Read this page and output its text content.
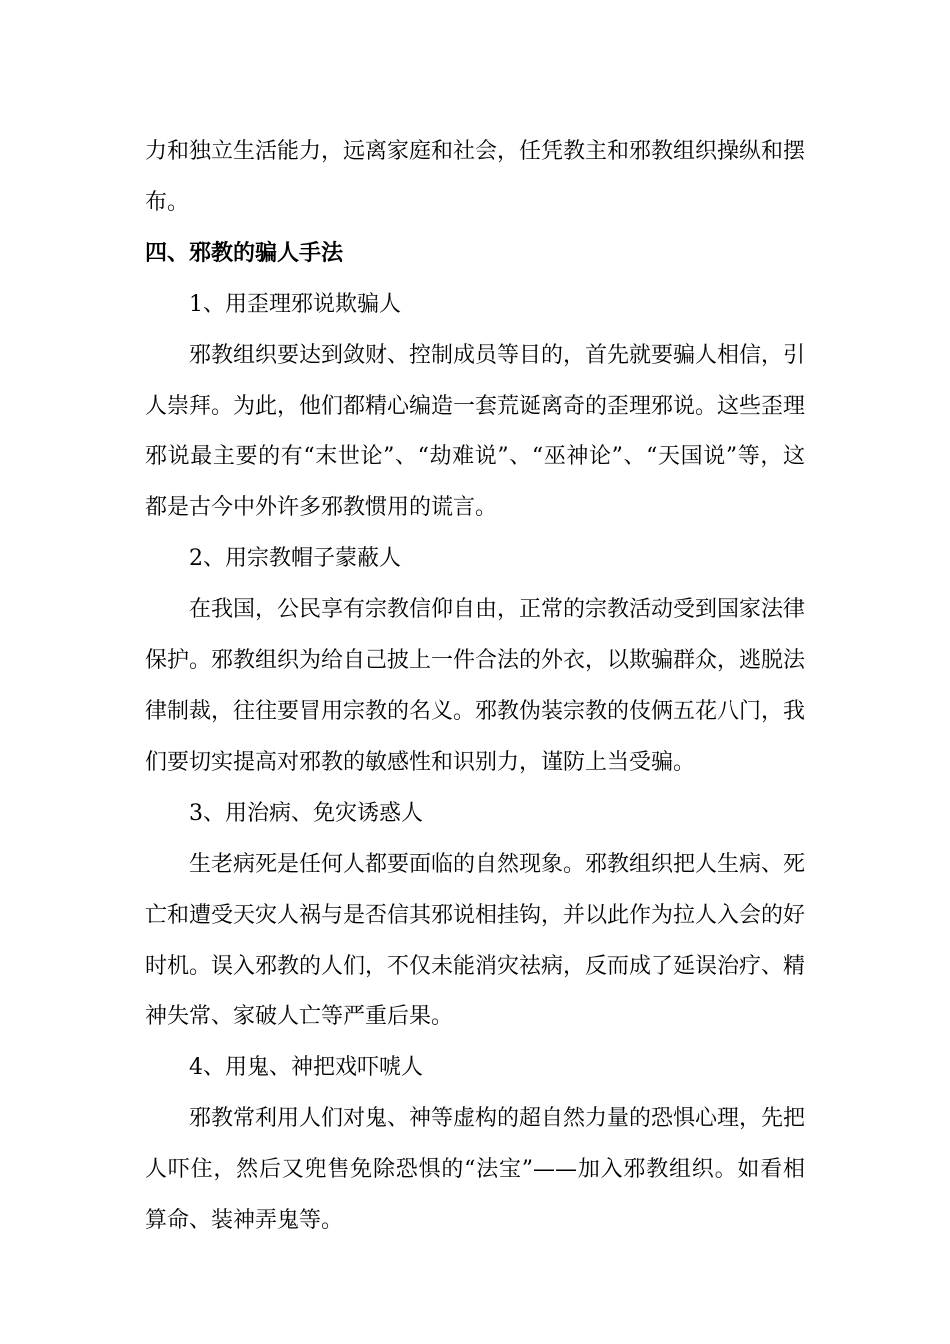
力和独立生活能力，远离家庭和社会，任凭教主和邪教组织操纵和摆布。

四、邪教的骗人手法

1、用歪理邪说欺骗人

邪教组织要达到敛财、控制成员等目的，首先就要骗人相信，引人崇拜。为此，他们都精心编造一套荒诞离奇的歪理邪说。这些歪理邪说最主要的有“末世论”、“劫难说”、“巫神论”、“天国说”等，这都是古今中外许多邪教惯用的谎言。

2、用宗教帽子蒙蔽人

在我国，公民享有宗教信仰自由，正常的宗教活动受到国家法律保护。邪教组织为给自己披上一件合法的外衣，以欺骗群众，逃脱法律制裁，往往要冒用宗教的名义。邪教伪装宗教的伎俩五花八门，我们要切实提高对邪教的敏感性和识别力，谨防上当受骗。

3、用治病、免灾诱惑人

生老病死是任何人都要面临的自然现象。邪教组织把人生病、死亡和遭受天灾人祸与是否信其邪说相挂钩，并以此作为拉人入会的好时机。误入邪教的人们，不仅未能消灾祛病，反而成了延误治疗、精神失常、家破人亡等严重后果。

4、用鬼、神把戏吓唬人

邪教常利用人们对鬼、神等虚构的超自然力量的恐惧心理，先把人吓住，然后又兜售免除恐惧的“法宝”——加入邪教组织。如看相算命、装神弄鬼等。
